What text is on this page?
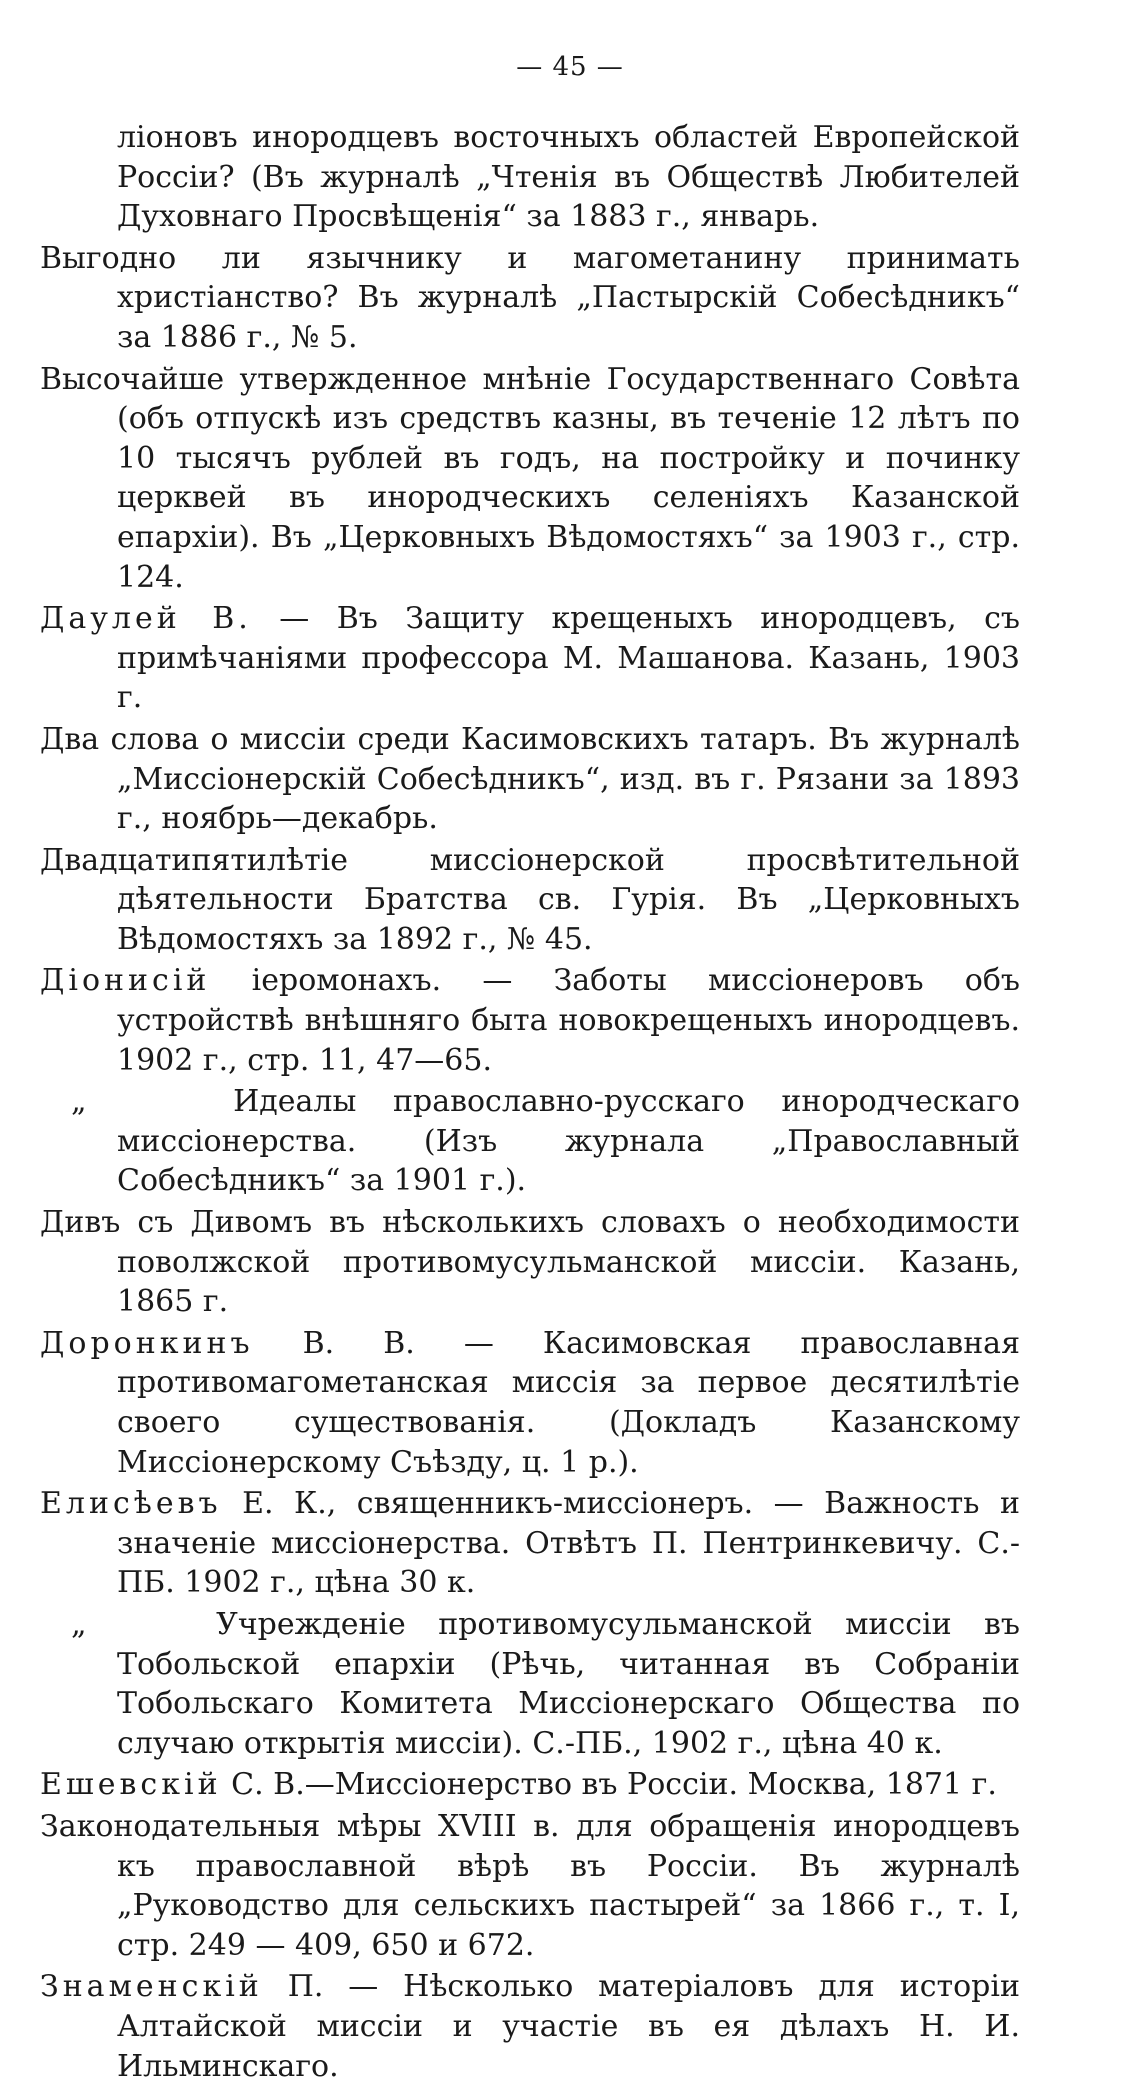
— 45 —

лiоновъ инородцевъ восточныхъ областей Европейской Россiи? (Въ журналѣ „Чтенiя въ Обществѣ Любителей Духовнаго Просвѣщенiя“ за 1883 г., январь.

Выгодно ли язычнику и магометанину принимать христiанство? Въ журналѣ „Пастырскiй Собесѣдникъ“ за 1886 г., № 5.

Высочайше утвержденное мнѣнiе Государственнаго Совѣта (объ отпускѣ изъ средствъ казны, въ теченiе 12 лѣтъ по 10 тысячъ рублей въ годъ, на постройку и починку церквей въ инородческихъ селенiяхъ Казанской епархiи). Въ „Церковныхъ Вѣдомостяхъ“ за 1903 г., стр. 124.

Даулей В. — Въ Защиту крещеныхъ инородцевъ, съ примѣчанiями профессора М. Машанова. Казань, 1903 г.

Два слова о миссiи среди Касимовскихъ татаръ. Въ журналѣ „Миссiонерскiй Собесѣдникъ“, изд. въ г. Рязани за 1893 г., ноябрь—декабрь.

Двадцатипятилѣтiе миссiонерской просвѣтительной дѣятельности Братства св. Гурiя. Въ „Церковныхъ Вѣдомостяхъ за 1892 г., № 45.

Дiонисiй iеромонахъ. — Заботы миссiонеровъ объ устройствѣ внѣшняго быта новокрещеныхъ инородцевъ. 1902 г., стр. 11, 47—65.

„	Идеалы православно-русскаго инородческаго миссiонерства. (Изъ журнала „Православный Собесѣдникъ“ за 1901 г.).

Дивъ съ Дивомъ въ нѣсколькихъ словахъ о необходимости поволжской противомусульманской миссiи. Казань, 1865 г.

Доронкинъ В. В. — Касимовская православная противомагометанская миссiя за первое десятилѣтiе своего существованiя. (Докладъ Казанскому Миссiонерскому Съѣзду, ц. 1 р.).

Елисѣевъ Е. К., священникъ-миссiонеръ. — Важность и значенiе миссiонерства. Отвѣтъ П. Пентринкевичу. С.-ПБ. 1902 г., цѣна 30 к.

„	Учрежденiе противомусульманской миссiи въ Тобольской епархiи (Рѣчь, читанная въ Собранiи Тобольскаго Комитета Миссiонерскаго Общества по случаю открытiя миссiи). С.-ПБ., 1902 г., цѣна 40 к.

Ешевскiй С. В.—Миссiонерство въ Россiи. Москва, 1871 г.

Законодательныя мѣры XVIII в. для обращенiя инородцевъ къ православной вѣрѣ въ Россiи. Въ журналѣ „Руководство для сельскихъ пастырей“ за 1866 г., т. I, стр. 249 — 409, 650 и 672.

Знаменскiй П. — Нѣсколько матерiаловъ для исторiи Алтайской миссiи и участiе въ ея дѣлахъ Н. И. Ильминскаго.
